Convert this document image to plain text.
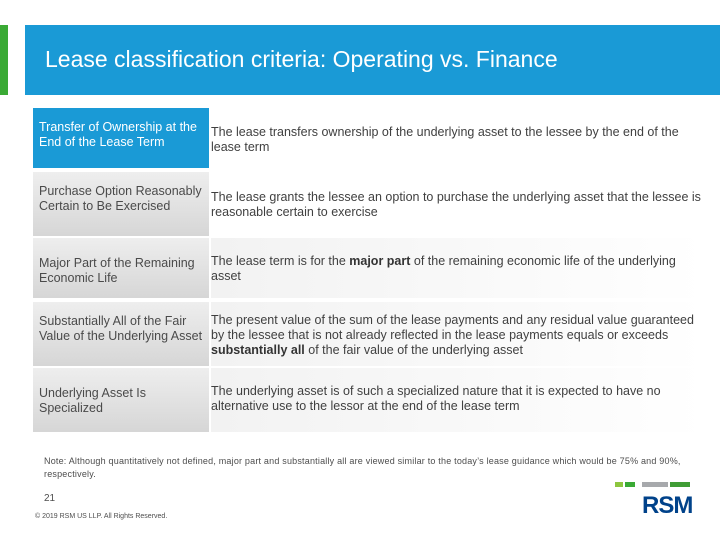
Lease classification criteria: Operating vs. Finance
Transfer of Ownership at the End of the Lease Term
The lease transfers ownership of the underlying asset to the lessee by the end of the lease term
Purchase Option Reasonably Certain to Be Exercised
The lease grants the lessee an option to purchase the underlying asset that the lessee is reasonable certain to exercise
Major Part of the Remaining Economic Life
The lease term is for the major part of the remaining economic life of the underlying asset
Substantially All of the Fair Value of the Underlying Asset
The present value of the sum of the lease payments and any residual value guaranteed by the lessee that is not already reflected in the lease payments equals or exceeds substantially all of the fair value of the underlying asset
Underlying Asset Is Specialized
The underlying asset is of such a specialized nature that it is expected to have no alternative use to the lessor at the end of the lease term
Note: Although quantitatively not defined, major part and substantially all are viewed similar to the today’s lease guidance which would be 75% and 90%, respectively.
21
© 2019 RSM US LLP. All Rights Reserved.	RSM
